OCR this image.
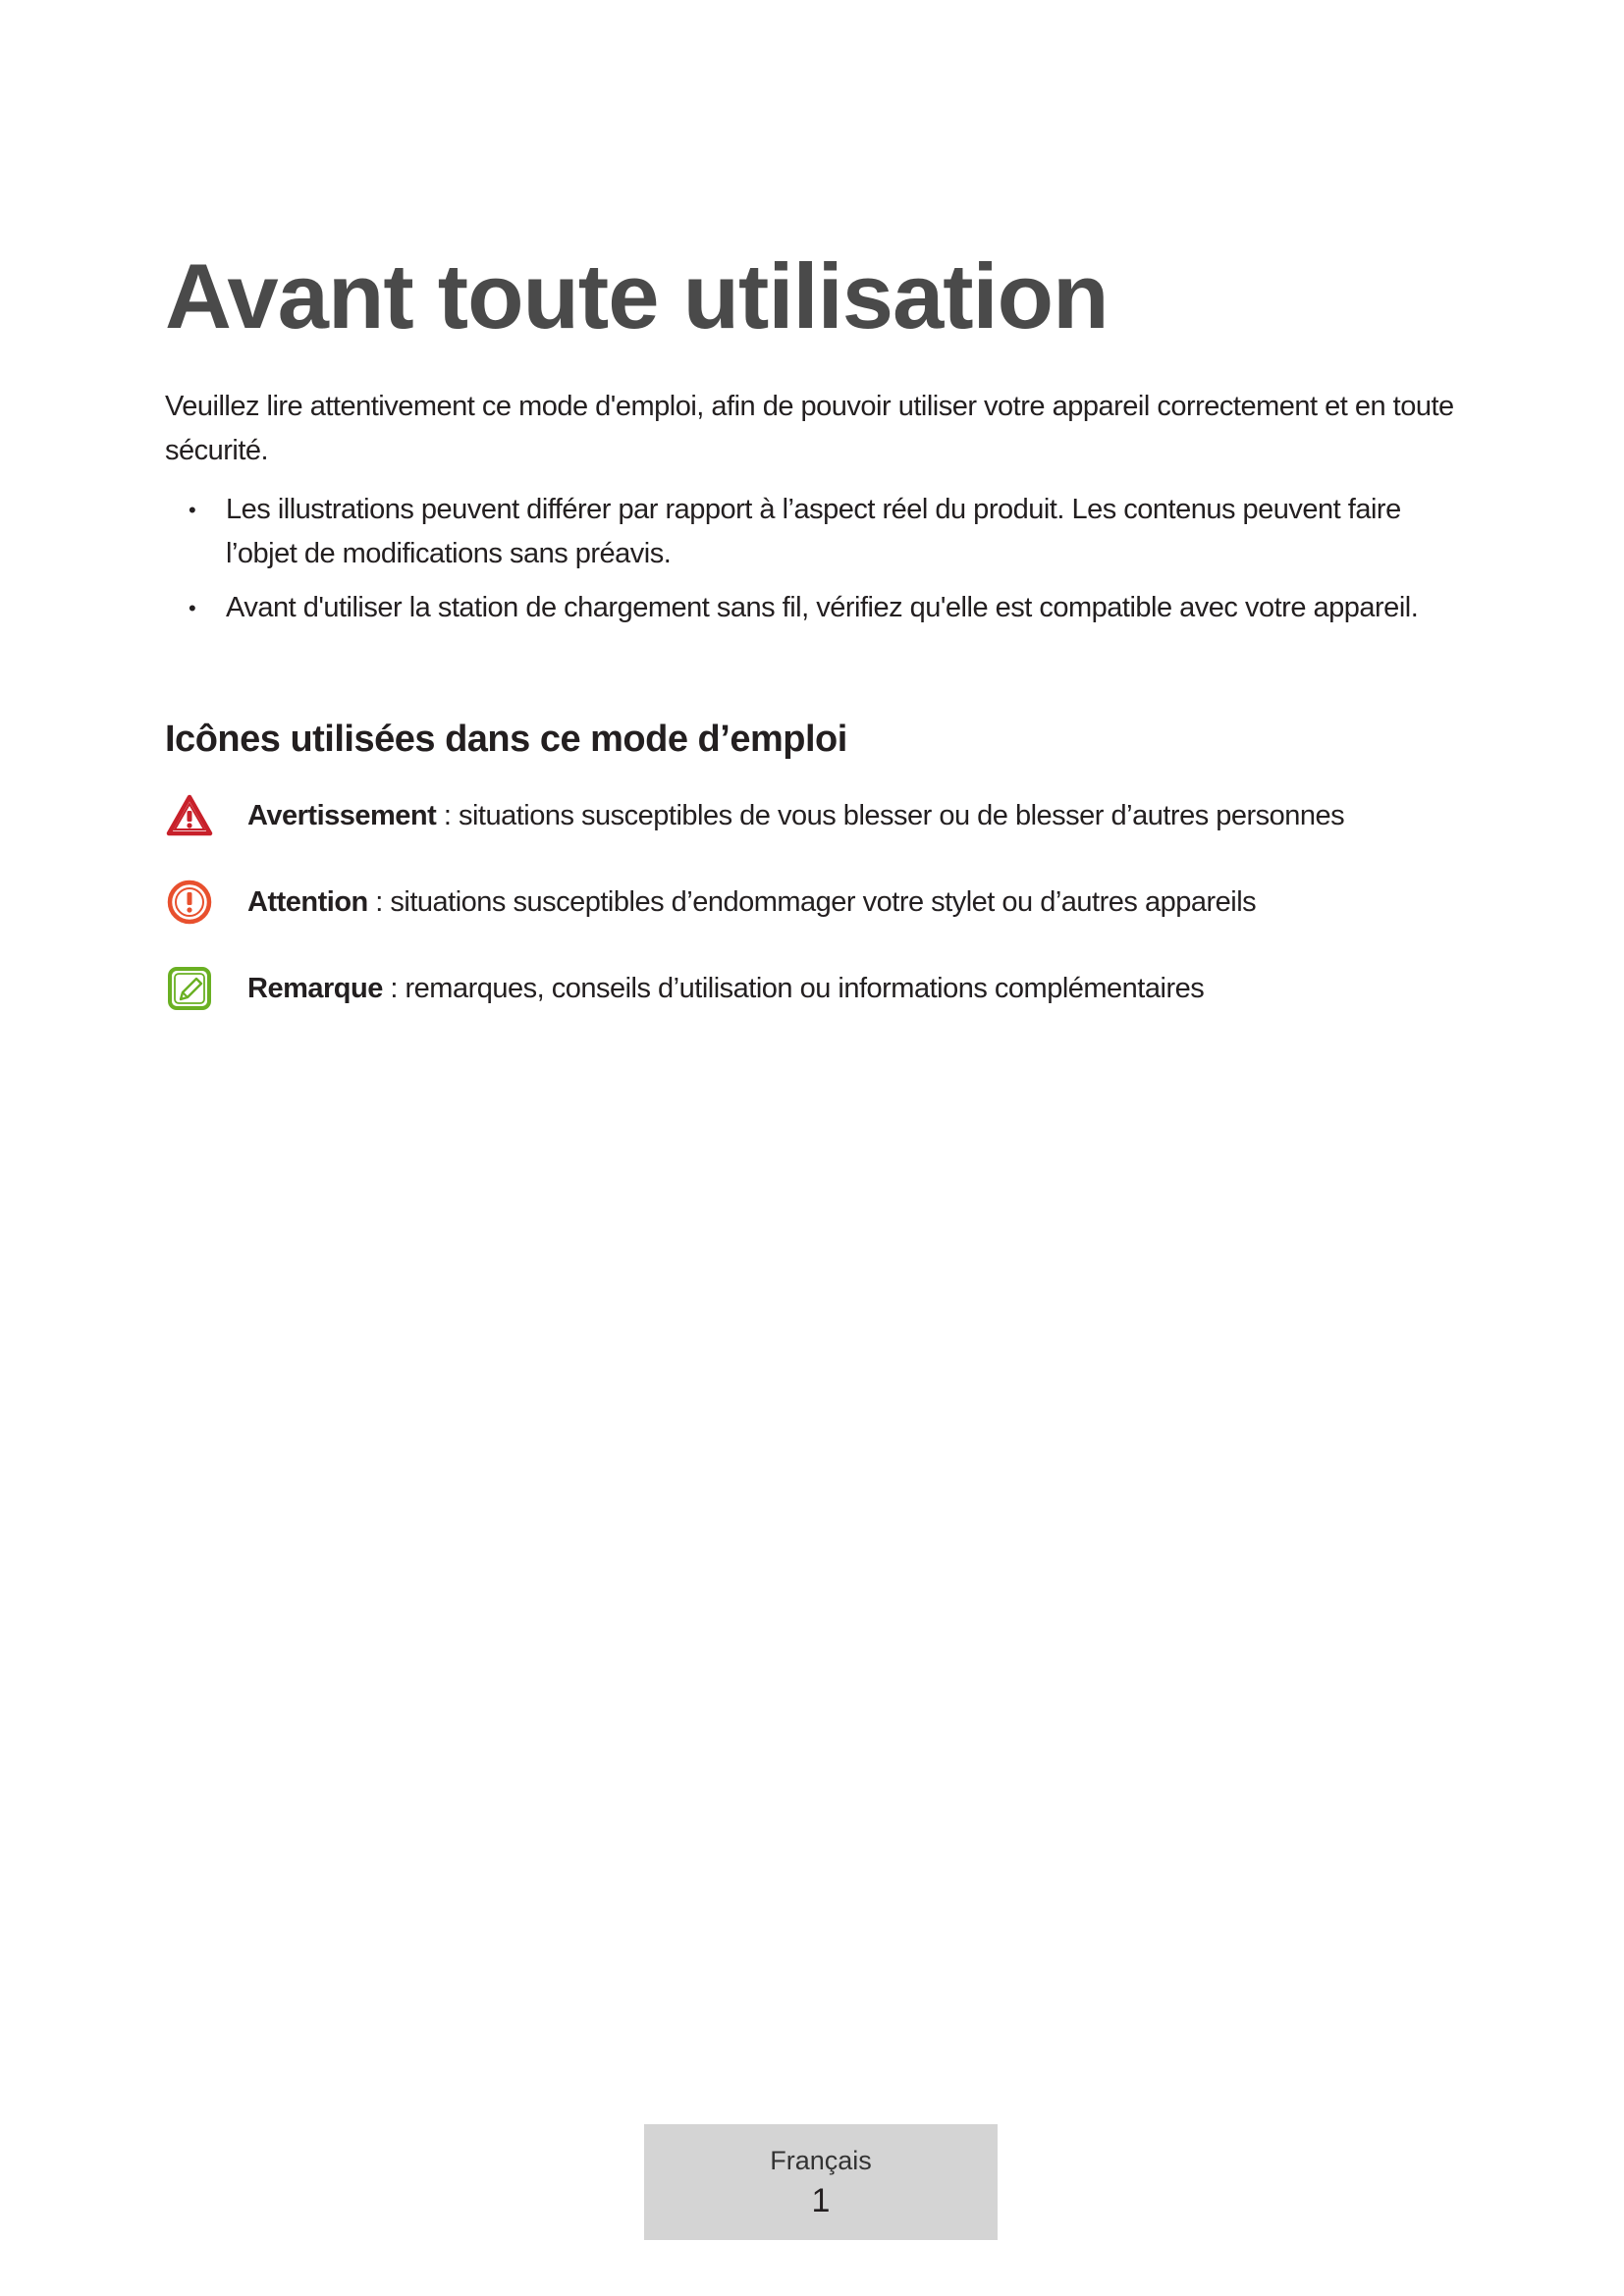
Avant toute utilisation

Veuillez lire attentivement ce mode d'emploi, afin de pouvoir utiliser votre appareil correctement et en toute sécurité.

• Les illustrations peuvent différer par rapport à l’aspect réel du produit. Les contenus peuvent faire l’objet de modifications sans préavis.
• Avant d'utiliser la station de chargement sans fil, vérifiez qu'elle est compatible avec votre appareil.
Icônes utilisées dans ce mode d’emploi
Avertissement : situations susceptibles de vous blesser ou de blesser d’autres personnes
Attention : situations susceptibles d’endommager votre stylet ou d’autres appareils
Remarque : remarques, conseils d’utilisation ou informations complémentaires
Français
1
